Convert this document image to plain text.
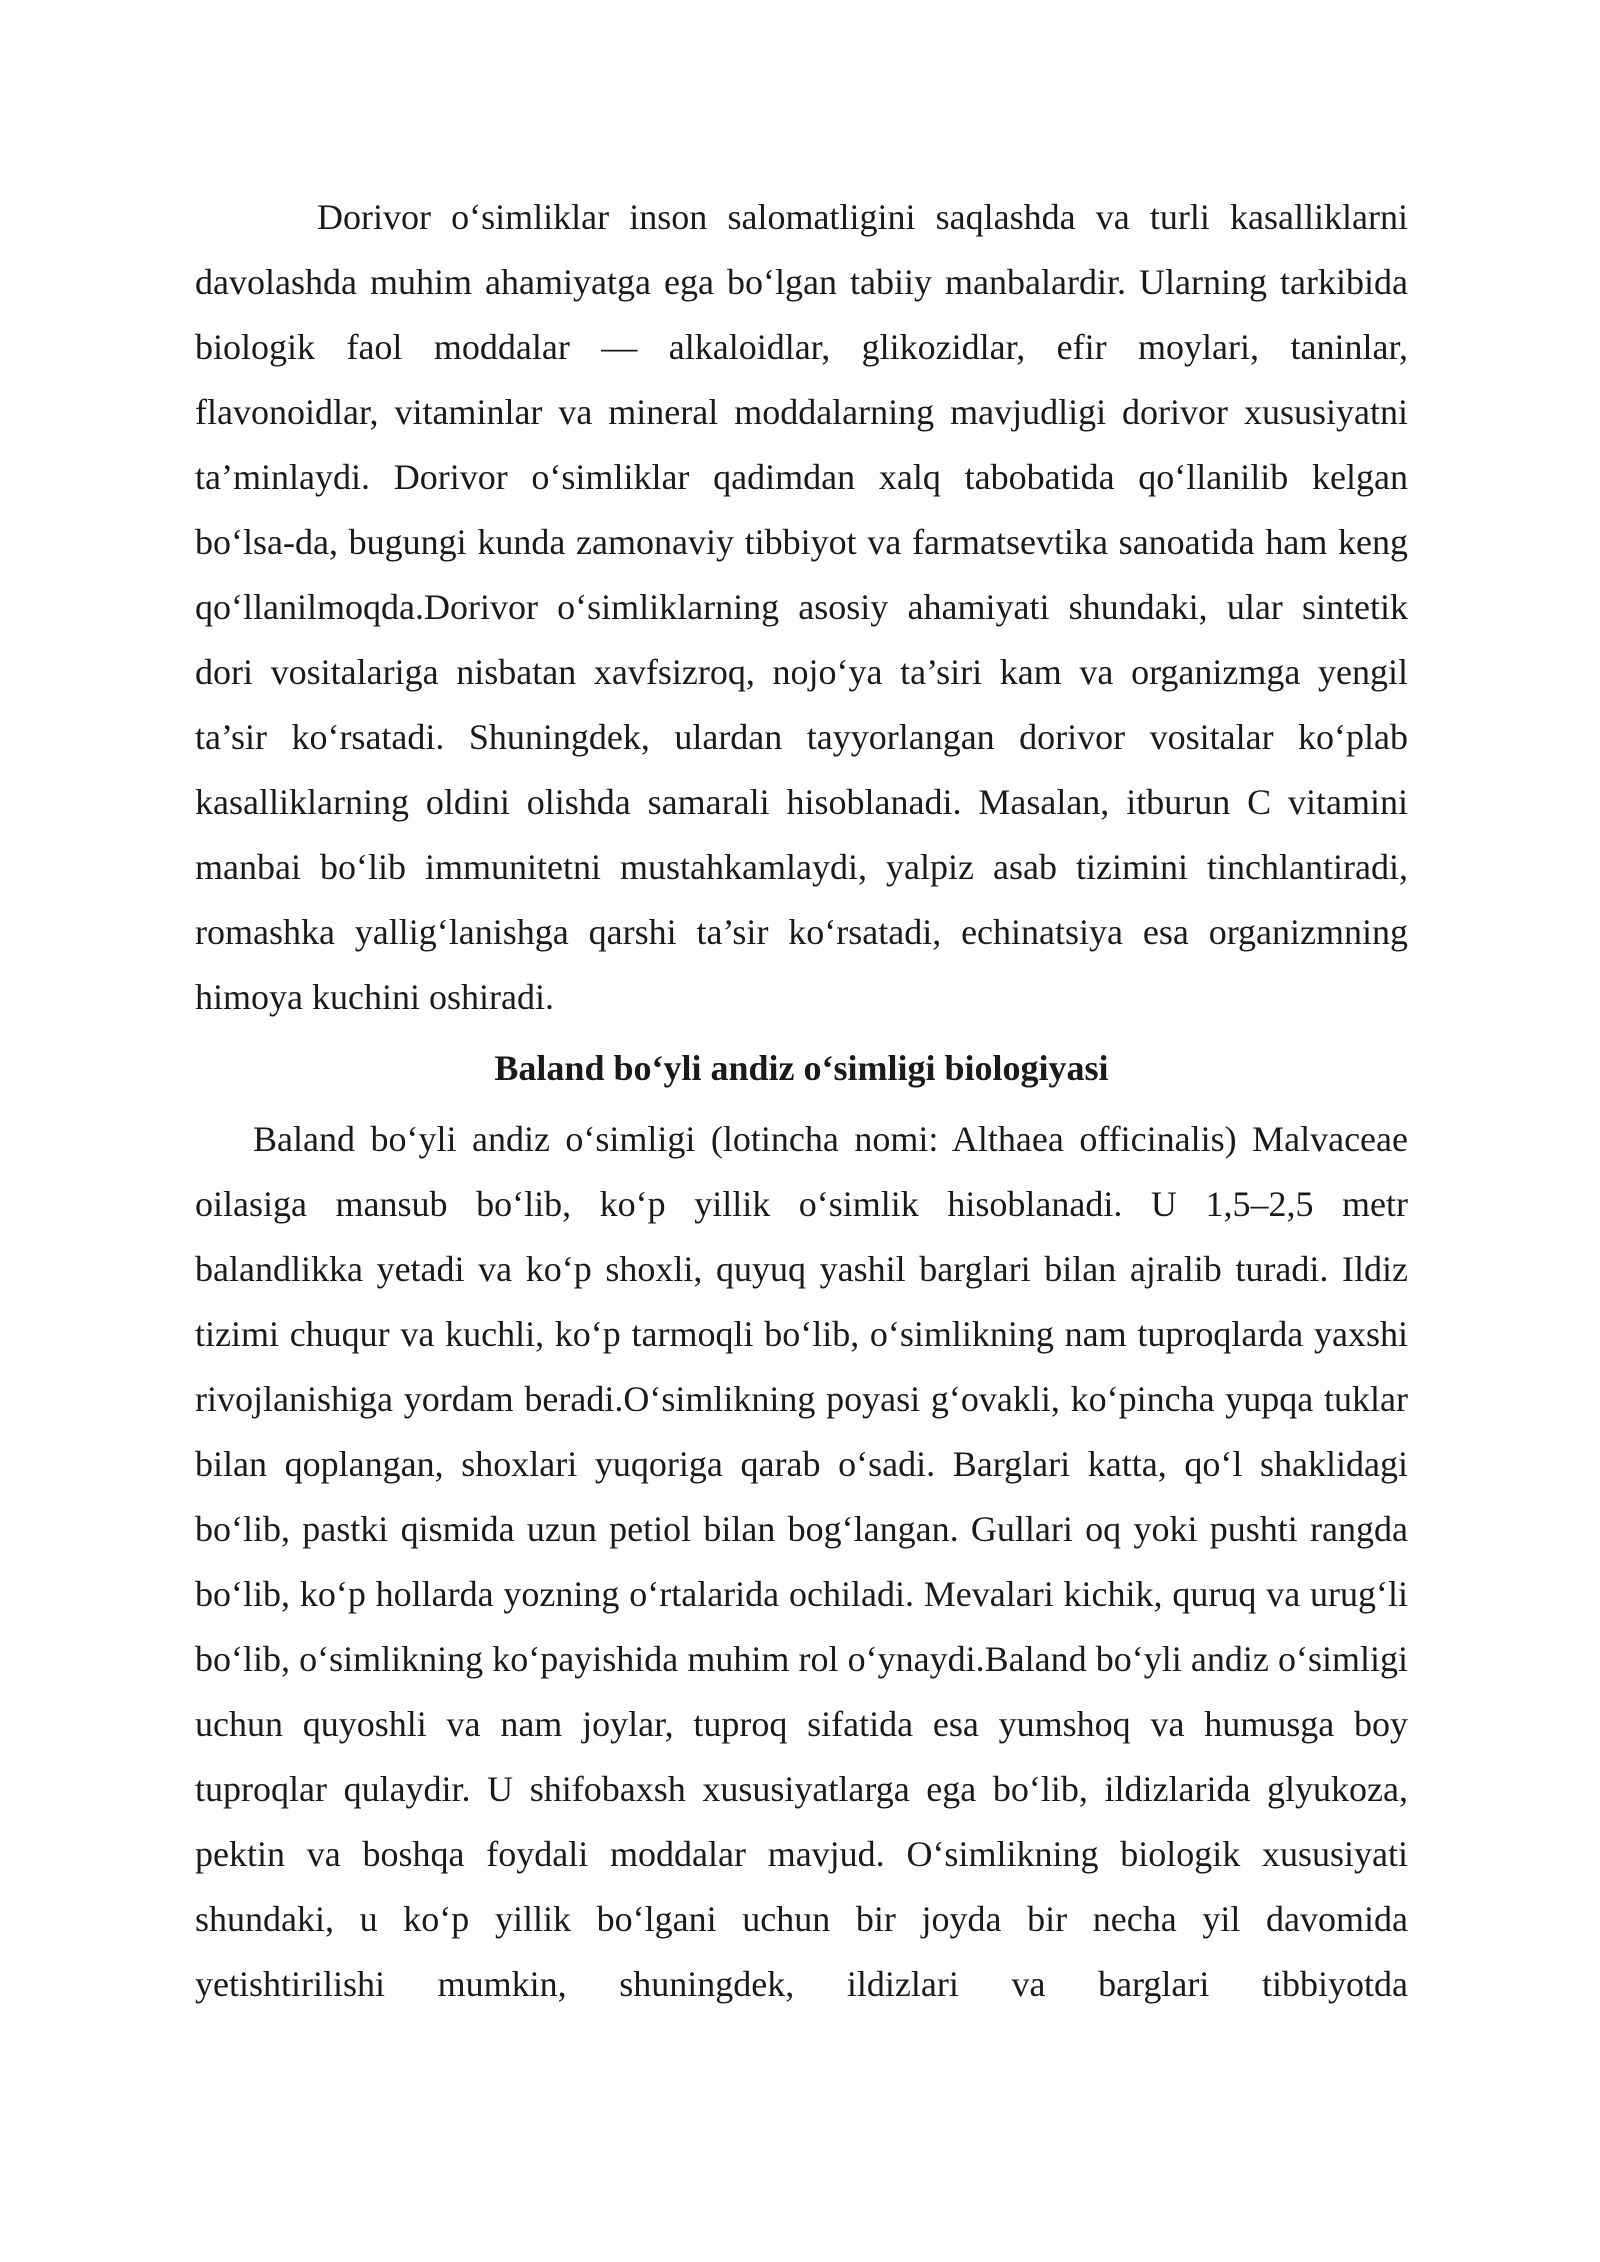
Dorivor o‘simliklar inson salomatligini saqlashda va turli kasalliklarni davolashda muhim ahamiyatga ega bo‘lgan tabiiy manbalardir. Ularning tarkibida biologik faol moddalar — alkaloidlar, glikozidlar, efir moylari, taninlar, flavonoidlar, vitaminlar va mineral moddalarning mavjudligi dorivor xususiyatni ta’minlaydi. Dorivor o‘simliklar qadimdan xalq tabobatida qo‘llanilib kelgan bo‘lsa-da, bugungi kunda zamonaviy tibbiyot va farmatsevtika sanoatida ham keng qo‘llanilmoqda.Dorivor o‘simliklarning asosiy ahamiyati shundaki, ular sintetik dori vositalariga nisbatan xavfsizroq, nojo‘ya ta’siri kam va organizmga yengil ta’sir ko‘rsatadi. Shuningdek, ulardan tayyorlangan dorivor vositalar ko‘plab kasalliklarning oldini olishda samarali hisoblanadi. Masalan, itburun C vitamini manbai bo‘lib immunitetni mustahkamlaydi, yalpiz asab tizimini tinchlantiradi, romashka yallig‘lanishga qarshi ta’sir ko‘rsatadi, echinatsiya esa organizmning himoya kuchini oshiradi.

Baland bo‘yli andiz o‘simligi biologiyasi

Baland bo‘yli andiz o‘simligi (lotincha nomi: Althaea officinalis) Malvaceae oilasiga mansub bo‘lib, ko‘p yillik o‘simlik hisoblanadi. U 1,5–2,5 metr balandlikka yetadi va ko‘p shoxli, quyuq yashil barglari bilan ajralib turadi. Ildiz tizimi chuqur va kuchli, ko‘p tarmoqli bo‘lib, o‘simlikning nam tuproqlarda yaxshi rivojlanishiga yordam beradi.O‘simlikning poyasi g‘ovakli, ko‘pincha yupqa tuklar bilan qoplangan, shoxlari yuqoriga qarab o‘sadi. Barglari katta, qo‘l shaklidagi bo‘lib, pastki qismida uzun petiol bilan bog‘langan. Gullari oq yoki pushti rangda bo‘lib, ko‘p hollarda yozning o‘rtalarida ochiladi. Mevalari kichik, quruq va urug‘li bo‘lib, o‘simlikning ko‘payishida muhim rol o‘ynaydi.Baland bo‘yli andiz o‘simligi uchun quyoshli va nam joylar, tuproq sifatida esa yumshoq va humusga boy tuproqlar qulaydir. U shifobaxsh xususiyatlarga ega bo‘lib, ildizlarida glyukoza, pektin va boshqa foydali moddalar mavjud. O‘simlikning biologik xususiyati shundaki, u ko‘p yillik bo‘lgani uchun bir joyda bir necha yil davomida yetishtirilishi mumkin, shuningdek, ildizlari va barglari tibbiyotda
